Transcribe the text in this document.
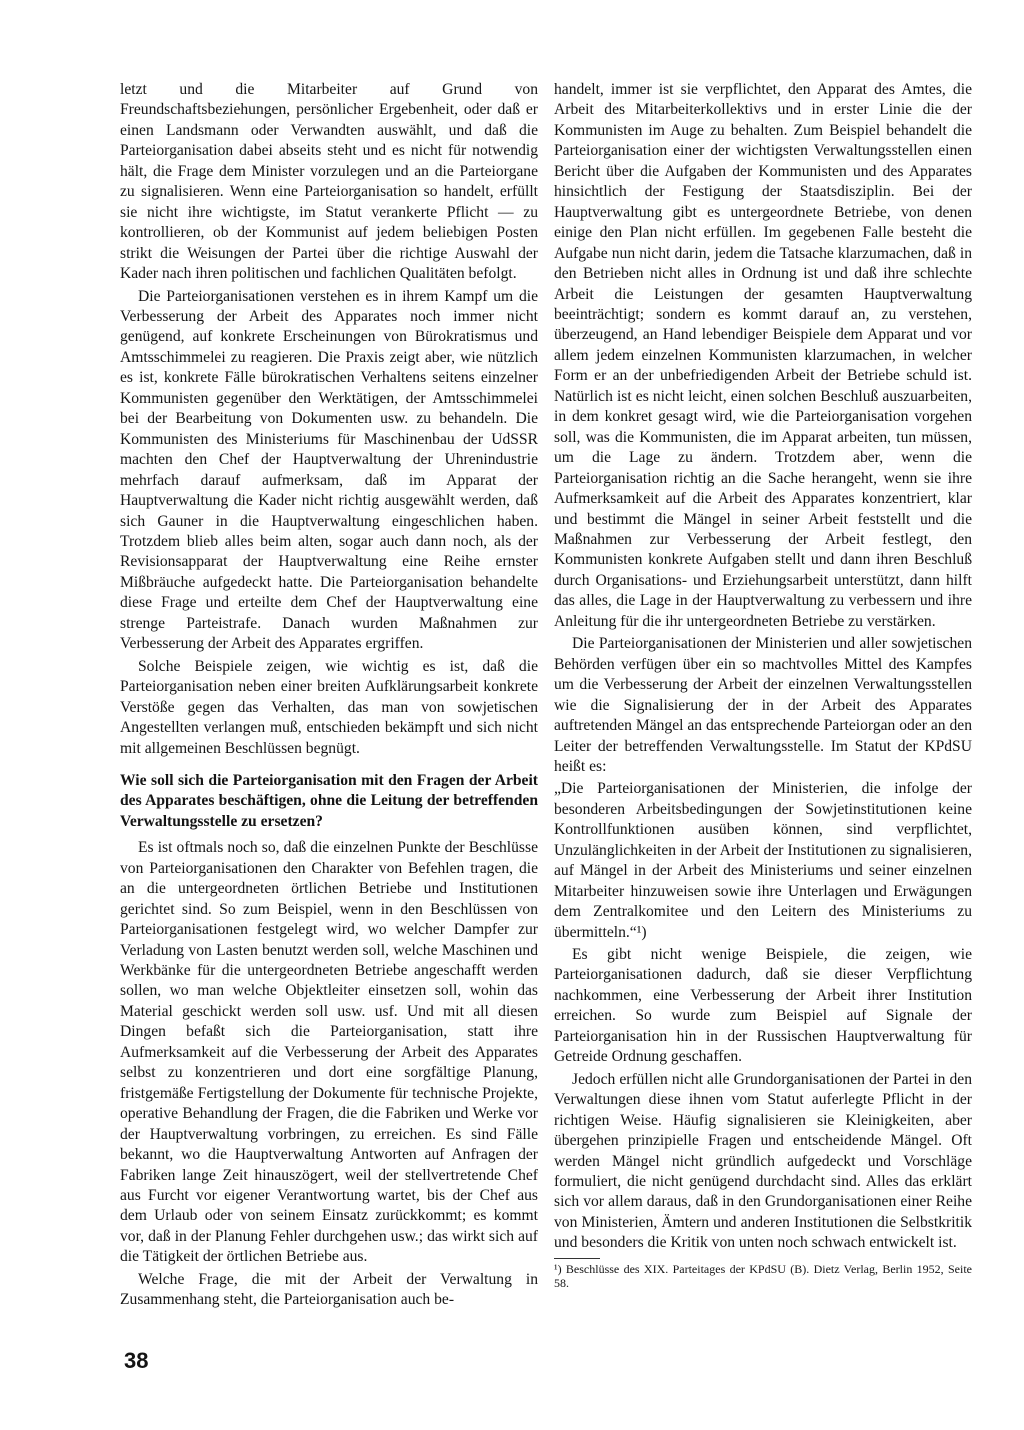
letzt und die Mitarbeiter auf Grund von Freundschaftsbeziehungen, persönlicher Ergebenheit, oder daß er einen Landsmann oder Verwandten auswählt, und daß die Parteiorganisation dabei abseits steht und es nicht für notwendig hält, die Frage dem Minister vorzulegen und an die Parteiorgane zu signalisieren. Wenn eine Parteiorganisation so handelt, erfüllt sie nicht ihre wichtigste, im Statut verankerte Pflicht — zu kontrollieren, ob der Kommunist auf jedem beliebigen Posten strikt die Weisungen der Partei über die richtige Auswahl der Kader nach ihren politischen und fachlichen Qualitäten befolgt.

Die Parteiorganisationen verstehen es in ihrem Kampf um die Verbesserung der Arbeit des Apparates noch immer nicht genügend, auf konkrete Erscheinungen von Bürokratismus und Amtsschimmelei zu reagieren. Die Praxis zeigt aber, wie nützlich es ist, konkrete Fälle bürokratischen Verhaltens seitens einzelner Kommunisten gegenüber den Werktätigen, der Amtsschimmelei bei der Bearbeitung von Dokumenten usw. zu behandeln. Die Kommunisten des Ministeriums für Maschinenbau der UdSSR machten den Chef der Hauptverwaltung der Uhrenindustrie mehrfach darauf aufmerksam, daß im Apparat der Hauptverwaltung die Kader nicht richtig ausgewählt werden, daß sich Gauner in die Hauptverwaltung eingeschlichen haben. Trotzdem blieb alles beim alten, sogar auch dann noch, als der Revisionsapparat der Hauptverwaltung eine Reihe ernster Mißbräuche aufgedeckt hatte. Die Parteiorganisation behandelte diese Frage und erteilte dem Chef der Hauptverwaltung eine strenge Parteistrafe. Danach wurden Maßnahmen zur Verbesserung der Arbeit des Apparates ergriffen.

Solche Beispiele zeigen, wie wichtig es ist, daß die Parteiorganisation neben einer breiten Aufklärungsarbeit konkrete Verstöße gegen das Verhalten, das man von sowjetischen Angestellten verlangen muß, entschieden bekämpft und sich nicht mit allgemeinen Beschlüssen begnügt.

Wie soll sich die Parteiorganisation mit den Fragen der Arbeit des Apparates beschäftigen, ohne die Leitung der betreffenden Verwaltungsstelle zu ersetzen?

Es ist oftmals noch so, daß die einzelnen Punkte der Beschlüsse von Parteiorganisationen den Charakter von Befehlen tragen, die an die untergeordneten örtlichen Betriebe und Institutionen gerichtet sind. So zum Beispiel, wenn in den Beschlüssen von Parteiorganisationen festgelegt wird, wo welcher Dampfer zur Verladung von Lasten benutzt werden soll, welche Maschinen und Werkbänke für die untergeordneten Betriebe angeschafft werden sollen, wo man welche Objektleiter einsetzen soll, wohin das Material geschickt werden soll usw. usf. Und mit all diesen Dingen befaßt sich die Parteiorganisation, statt ihre Aufmerksamkeit auf die Verbesserung der Arbeit des Apparates selbst zu konzentrieren und dort eine sorgfältige Planung, fristgemäße Fertigstellung der Dokumente für technische Projekte, operative Behandlung der Fragen, die die Fabriken und Werke vor der Hauptverwaltung vorbringen, zu erreichen. Es sind Fälle bekannt, wo die Hauptverwaltung Antworten auf Anfragen der Fabriken lange Zeit hinauszögert, weil der stellvertretende Chef aus Furcht vor eigener Verantwortung wartet, bis der Chef aus dem Urlaub oder von seinem Einsatz zurückkommt; es kommt vor, daß in der Planung Fehler durchgehen usw.; das wirkt sich auf die Tätigkeit der örtlichen Betriebe aus.

Welche Frage, die mit der Arbeit der Verwaltung in Zusammenhang steht, die Parteiorganisation auch be-

handelt, immer ist sie verpflichtet, den Apparat des Amtes, die Arbeit des Mitarbeiterkollektivs und in erster Linie die der Kommunisten im Auge zu behalten. Zum Beispiel behandelt die Parteiorganisation einer der wichtigsten Verwaltungsstellen einen Bericht über die Aufgaben der Kommunisten und des Apparates hinsichtlich der Festigung der Staatsdisziplin. Bei der Hauptverwaltung gibt es untergeordnete Betriebe, von denen einige den Plan nicht erfüllen. Im gegebenen Falle besteht die Aufgabe nun nicht darin, jedem die Tatsache klarzumachen, daß in den Betrieben nicht alles in Ordnung ist und daß ihre schlechte Arbeit die Leistungen der gesamten Hauptverwaltung beeinträchtigt; sondern es kommt darauf an, zu verstehen, überzeugend, an Hand lebendiger Beispiele dem Apparat und vor allem jedem einzelnen Kommunisten klarzumachen, in welcher Form er an der unbefriedigenden Arbeit der Betriebe schuld ist. Natürlich ist es nicht leicht, einen solchen Beschluß auszuarbeiten, in dem konkret gesagt wird, wie die Parteiorganisation vorgehen soll, was die Kommunisten, die im Apparat arbeiten, tun müssen, um die Lage zu ändern. Trotzdem aber, wenn die Parteiorganisation richtig an die Sache herangeht, wenn sie ihre Aufmerksamkeit auf die Arbeit des Apparates konzentriert, klar und bestimmt die Mängel in seiner Arbeit feststellt und die Maßnahmen zur Verbesserung der Arbeit festlegt, den Kommunisten konkrete Aufgaben stellt und dann ihren Beschluß durch Organisations- und Erziehungsarbeit unterstützt, dann hilft das alles, die Lage in der Hauptverwaltung zu verbessern und ihre Anleitung für die ihr untergeordneten Betriebe zu verstärken.

Die Parteiorganisationen der Ministerien und aller sowjetischen Behörden verfügen über ein so machtvolles Mittel des Kampfes um die Verbesserung der Arbeit der einzelnen Verwaltungsstellen wie die Signalisierung der in der Arbeit des Apparates auftretenden Mängel an das entsprechende Parteiorgan oder an den Leiter der betreffenden Verwaltungsstelle. Im Statut der KPdSU heißt es:

„Die Parteiorganisationen der Ministerien, die infolge der besonderen Arbeitsbedingungen der Sowjetinstitutionen keine Kontrollfunktionen ausüben können, sind verpflichtet, Unzulänglichkeiten in der Arbeit der Institutionen zu signalisieren, auf Mängel in der Arbeit des Ministeriums und seiner einzelnen Mitarbeiter hinzuweisen sowie ihre Unterlagen und Erwägungen dem Zentralkomitee und den Leitern des Ministeriums zu übermitteln.“¹)

Es gibt nicht wenige Beispiele, die zeigen, wie Parteiorganisationen dadurch, daß sie dieser Verpflichtung nachkommen, eine Verbesserung der Arbeit ihrer Institution erreichen. So wurde zum Beispiel auf Signale der Parteiorganisation hin in der Russischen Hauptverwaltung für Getreide Ordnung geschaffen.

Jedoch erfüllen nicht alle Grundorganisationen der Partei in den Verwaltungen diese ihnen vom Statut auferlegte Pflicht in der richtigen Weise. Häufig signalisieren sie Kleinigkeiten, aber übergehen prinzipielle Fragen und entscheidende Mängel. Oft werden Mängel nicht gründlich aufgedeckt und Vorschläge formuliert, die nicht genügend durchdacht sind. Alles das erklärt sich vor allem daraus, daß in den Grundorganisationen einer Reihe von Ministerien, Ämtern und anderen Institutionen die Selbstkritik und besonders die Kritik von unten noch schwach entwickelt ist.

¹) Beschlüsse des XIX. Parteitages der KPdSU (B). Dietz Verlag, Berlin 1952, Seite 58.

38
